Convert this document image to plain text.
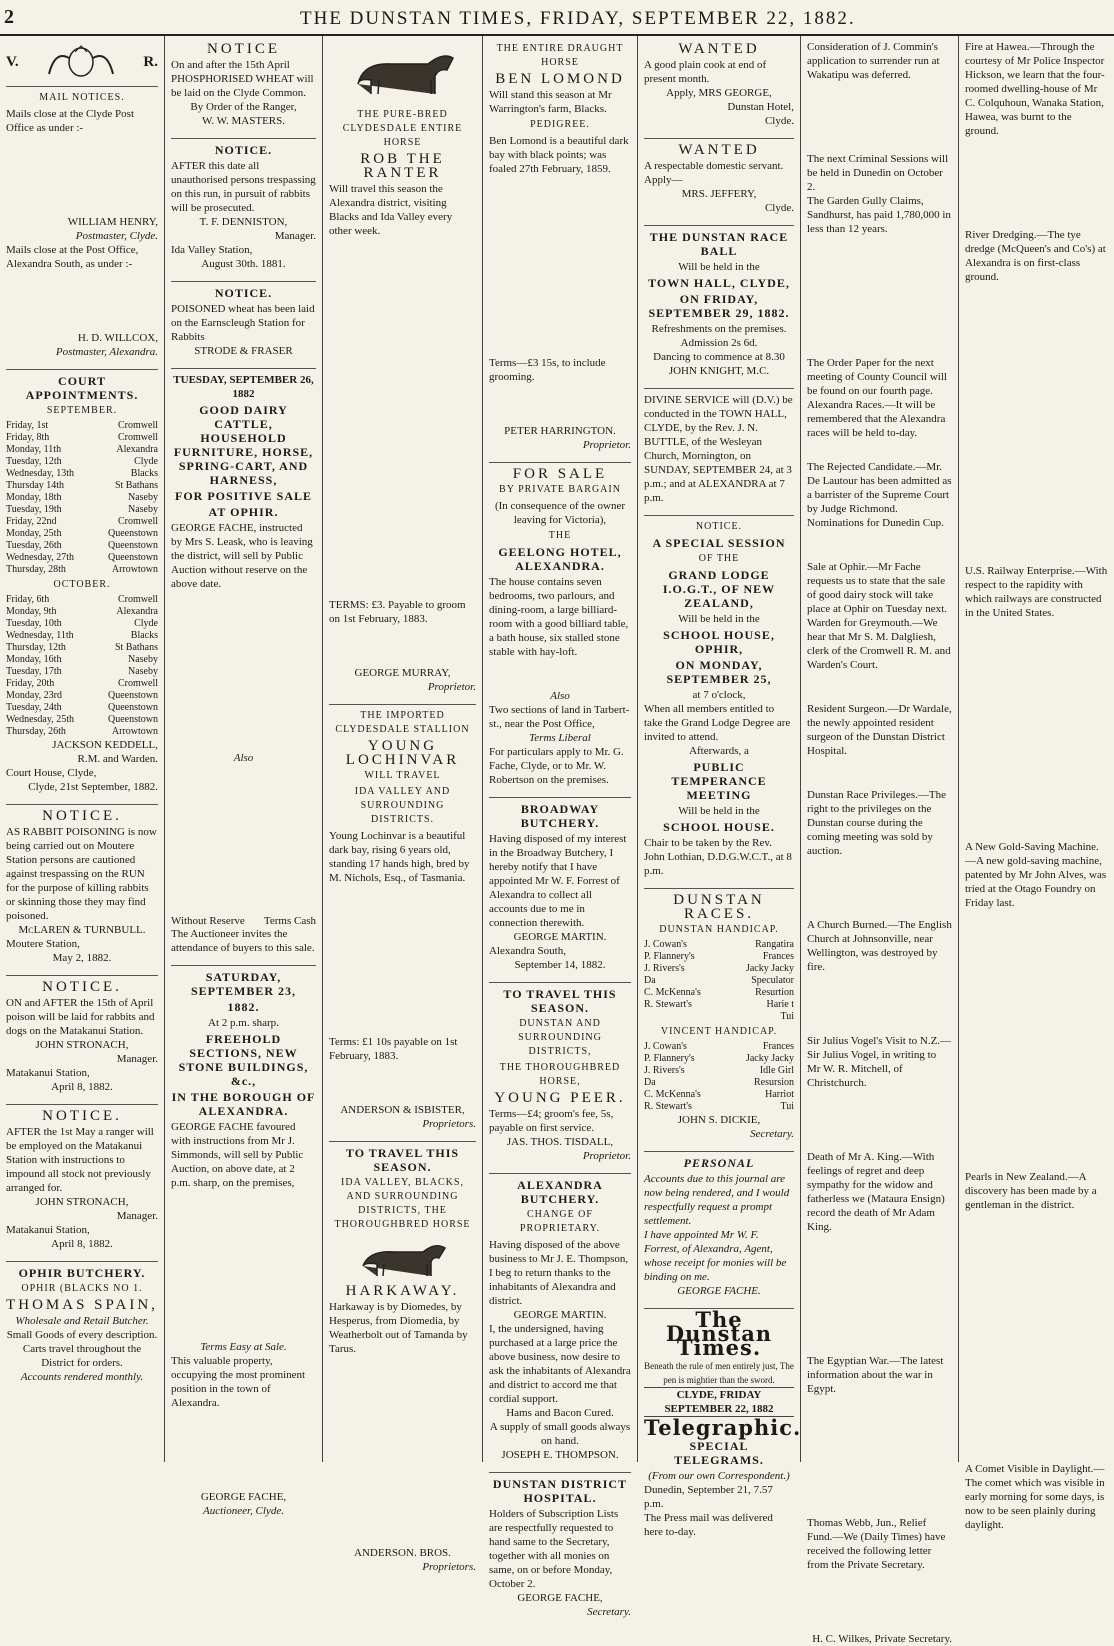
2	THE DUNSTAN TIMES, FRIDAY, SEPTEMBER 22, 1882.
V.	R.
MAIL NOTICES.
Mails close at the Clyde Post Office as under :-
WILLIAM HENRY,
Postmaster, Clyde.
Mails close at the Post Office, Alexandra South, as under :-
H. D. WILLCOX,
Postmaster, Alexandra.
COURT APPOINTMENTS.
SEPTEMBER.
Friday, 1st	Cromwell
Friday, 8th	Cromwell
Monday, 11th	Alexandra
Tuesday, 12th	Clyde
Wednesday, 13th	Blacks
Thursday 14th	St Bathans
Monday, 18th	Naseby
Tuesday, 19th	Naseby
Friday, 22nd	Cromwell
Monday, 25th	Queenstown
Tuesday, 26th	Queenstown
Wednesday, 27th	Queenstown
Thursday, 28th	Arrowtown
OCTOBER.
Friday, 6th	Cromwell
Monday, 9th	Alexandra
Tuesday, 10th	Clyde
Wednesday, 11th	Blacks
Thursday, 12th	St Bathans
Monday, 16th	Naseby
Tuesday, 17th	Naseby
Friday, 20th	Cromwell
Monday, 23rd	Queenstown
Tuesday, 24th	Queenstown
Wednesday, 25th	Queenstown
Thursday, 26th	Arrowtown
JACKSON KEDDELL,
R.M. and Warden.
Court House, Clyde,
Clyde, 21st September, 1882.
NOTICE.
AS RABBIT POISONING is now being carried out on Moutere Station persons are cautioned against trespassing on the RUN for the purpose of killing rabbits or skinning those they may find poisoned.
McLAREN & TURNBULL.
Moutere Station,
May 2, 1882.
NOTICE.
ON and AFTER the 15th of April poison will be laid for rabbits and dogs on the Matakanui Station.
JOHN STRONACH,
Manager.
Matakanui Station,
April 8, 1882.
NOTICE.
AFTER the 1st May a ranger will be employed on the Matakanui Station with instructions to impound all stock not previously arranged for.
JOHN STRONACH,
Manager.
Matakanui Station,
April 8, 1882.
OPHIR BUTCHERY.
OPHIR (BLACKS NO 1.
THOMAS SPAIN,
Wholesale and Retail Butcher.
Small Goods of every description.
Carts travel throughout the District for orders.
Accounts rendered monthly.
NOTICE
On and after the 15th April PHOSPHORISED WHEAT will be laid on the Clyde Common.
By Order of the Ranger,
W. W. MASTERS.
NOTICE.
AFTER this date all unauthorised persons trespassing on this run, in pursuit of rabbits will be prosecuted.
T. F. DENNISTON,
Manager.
Ida Valley Station,
August 30th. 1881.
NOTICE.
POISONED wheat has been laid on the Earnscleugh Station for Rabbits
STRODE & FRASER
TUESDAY, SEPTEMBER 26, 1882
GOOD DAIRY CATTLE, HOUSEHOLD FURNITURE, HORSE, SPRING-CART, AND HARNESS,
FOR POSITIVE SALE
AT OPHIR.
GEORGE FACHE, instructed by Mrs S. Leask, who is leaving the district, will sell by Public Auction without reserve on the above date.
Also
Without Reserve Terms Cash
The Auctioneer invites the attendance of buyers to this sale.
SATURDAY, SEPTEMBER 23,
1882.
At 2 p.m. sharp.
FREEHOLD SECTIONS, NEW STONE BUILDINGS, &c.,
IN THE BOROUGH OF ALEXANDRA.
GEORGE FACHE favoured with instructions from Mr J. Simmonds, will sell by Public Auction, on above date, at 2 p.m. sharp, on the premises,
Terms Easy at Sale.
This valuable property, occupying the most prominent position in the town of Alexandra.
GEORGE FACHE,
Auctioneer, Clyde.
THE PURE-BRED CLYDESDALE ENTIRE HORSE
ROB THE RANTER
Will travel this season the Alexandra district, visiting Blacks and Ida Valley every other week.
TERMS: £3. Payable to groom on 1st February, 1883.
GEORGE MURRAY,
Proprietor.
THE IMPORTED CLYDESDALE STALLION
YOUNG LOCHINVAR
WILL TRAVEL
IDA VALLEY AND SURROUNDING DISTRICTS.
Young Lochinvar is a beautiful dark bay, rising 6 years old, standing 17 hands high, bred by M. Nichols, Esq., of Tasmania.
Terms: £1 10s payable on 1st February, 1883.
ANDERSON & ISBISTER,
Proprietors.
TO TRAVEL THIS SEASON.
IDA VALLEY, BLACKS, AND SURROUNDING DISTRICTS, THE THOROUGHBRED HORSE
HARKAWAY.
Harkaway is by Diomedes, by Hesperus, from Diomedia, by Weatherbolt out of Tamanda by Tarus.
ANDERSON. BROS.
Proprietors.
THE ENTIRE DRAUGHT HORSE
BEN LOMOND
Will stand this season at Mr Warrington's farm, Blacks.
PEDIGREE.
Ben Lomond is a beautiful dark bay with black points; was foaled 27th February, 1859.
Terms—£3 15s, to include grooming.
PETER HARRINGTON.
Proprietor.
FOR SALE
BY PRIVATE BARGAIN
(In consequence of the owner leaving for Victoria),
THE
GEELONG HOTEL, ALEXANDRA.
The house contains seven bedrooms, two parlours, and dining-room, a large billiard-room with a good billiard table, a bath house, six stalled stone stable with hay-loft.
Also
Two sections of land in Tarbert-st., near the Post Office,
Terms Liberal
For particulars apply to Mr. G. Fache, Clyde, or to Mr. W. Robertson on the premises.
BROADWAY BUTCHERY.
Having disposed of my interest in the Broadway Butchery, I hereby notify that I have appointed Mr W. F. Forrest of Alexandra to collect all accounts due to me in connection therewith.
GEORGE MARTIN.
Alexandra South,
September 14, 1882.
TO TRAVEL THIS SEASON.
DUNSTAN AND SURROUNDING DISTRICTS,
THE THOROUGHBRED HORSE,
YOUNG PEER.
Terms—£4; groom's fee, 5s, payable on first service.
JAS. THOS. TISDALL,
Proprietor.
ALEXANDRA BUTCHERY.
CHANGE OF PROPRIETARY.
Having disposed of the above business to Mr J. E. Thompson, I beg to return thanks to the inhabitants of Alexandra and district.
GEORGE MARTIN.
I, the undersigned, having purchased at a large price the above business, now desire to ask the inhabitants of Alexandra and district to accord me that cordial support.
Hams and Bacon Cured.
A supply of small goods always on hand.
JOSEPH E. THOMPSON.
DUNSTAN DISTRICT HOSPITAL.
Holders of Subscription Lists are respectfully requested to hand same to the Secretary, together with all monies on same, on or before Monday, October 2.
GEORGE FACHE,
Secretary.
WANTED
A good plain cook at end of present month.
Apply, MRS GEORGE,
Dunstan Hotel,
Clyde.
WANTED
A respectable domestic servant.
Apply—
MRS. JEFFERY,
Clyde.
THE DUNSTAN RACE BALL
Will be held in the
TOWN HALL, CLYDE,
ON FRIDAY, SEPTEMBER 29, 1882.
Refreshments on the premises.
Admission 2s 6d.
Dancing to commence at 8.30
JOHN KNIGHT, M.C.
DIVINE SERVICE will (D.V.) be conducted in the TOWN HALL, CLYDE, by the Rev. J. N. BUTTLE, of the Wesleyan Church, Mornington, on SUNDAY, SEPTEMBER 24, at 3 p.m.; and at ALEXANDRA at 7 p.m.
NOTICE.
A SPECIAL SESSION
OF THE
GRAND LODGE I.O.G.T., OF NEW ZEALAND,
Will be held in the
SCHOOL HOUSE, OPHIR,
ON MONDAY, SEPTEMBER 25,
at 7 o'clock,
When all members entitled to take the Grand Lodge Degree are invited to attend.
Afterwards, a
PUBLIC TEMPERANCE MEETING
Will be held in the
SCHOOL HOUSE.
Chair to be taken by the Rev. John Lothian, D.D.G.W.C.T., at 8 p.m.
DUNSTAN RACES.
DUNSTAN HANDICAP.
J. Cowan's	Rangatira
P. Flannery's	Frances
J. Rivers's	Jacky Jacky
Da	Speculator
C. McKenna's	Resurtion
R. Stewart's	Harie t
Tui
VINCENT HANDICAP.
J. Cowan's	Frances
P. Flannery's	Jacky Jacky
J. Rivers's	Idle Girl
Da	Resursion
C. McKenna's	Harriot
R. Stewart's	Tui
JOHN S. DICKIE,
Secretary.
PERSONAL
Accounts due to this journal are now being rendered, and I would respectfully request a prompt settlement.
I have appointed Mr W. F. Forrest, of Alexandra, Agent, whose receipt for monies will be binding on me.
GEORGE FACHE.
The Dunstan Times.
Beneath the rule of men entirely just, The pen is mightier than the sword.
CLYDE, FRIDAY SEPTEMBER 22, 1882
Telegraphic.
SPECIAL TELEGRAMS.
(From our own Correspondent.)
Dunedin, September 21, 7.57 p.m.
The Press mail was delivered here to-day.
Consideration of J. Commin's application to surrender run at Wakatipu was deferred.
The next Criminal Sessions will be held in Dunedin on October 2.
The Garden Gully Claims, Sandhurst, has paid 1,780,000 in less than 12 years.
The Order Paper for the next meeting of County Council will be found on our fourth page.
Alexandra Races.—It will be remembered that the Alexandra races will be held to-day.
The Rejected Candidate.—Mr. De Lautour has been admitted as a barrister of the Supreme Court by Judge Richmond.
Nominations for Dunedin Cup.
Sale at Ophir.—Mr Fache requests us to state that the sale of good dairy stock will take place at Ophir on Tuesday next.
Warden for Greymouth.—We hear that Mr S. M. Dalgliesh, clerk of the Cromwell R. M. and Warden's Court.
Resident Surgeon.—Dr Wardale, the newly appointed resident surgeon of the Dunstan District Hospital.
Dunstan Race Privileges.—The right to the privileges on the Dunstan course during the coming meeting was sold by auction.
A Church Burned.—The English Church at Johnsonville, near Wellington, was destroyed by fire.
Sir Julius Vogel's Visit to N.Z.—Sir Julius Vogel, in writing to Mr W. R. Mitchell, of Christchurch.
Death of Mr A. King.—With feelings of regret and deep sympathy for the widow and fatherless we (Mataura Ensign) record the death of Mr Adam King.
The Egyptian War.—The latest information about the war in Egypt.
Thomas Webb, Jun., Relief Fund.—We (Daily Times) have received the following letter from the Private Secretary.
H. C. Wilkes, Private Secretary.
Fire at Hawea.—Through the courtesy of Mr Police Inspector Hickson, we learn that the four-roomed dwelling-house of Mr C. Colquhoun, Wanaka Station, Hawea, was burnt to the ground.
River Dredging.—The tye dredge (McQueen's and Co's) at Alexandra is on first-class ground.
U.S. Railway Enterprise.—With respect to the rapidity with which railways are constructed in the United States.
A New Gold-Saving Machine.—A new gold-saving machine, patented by Mr John Alves, was tried at the Otago Foundry on Friday last.
Pearls in New Zealand.—A discovery has been made by a gentleman in the district.
A Comet Visible in Daylight.—The comet which was visible in early morning for some days, is now to be seen plainly during daylight.
